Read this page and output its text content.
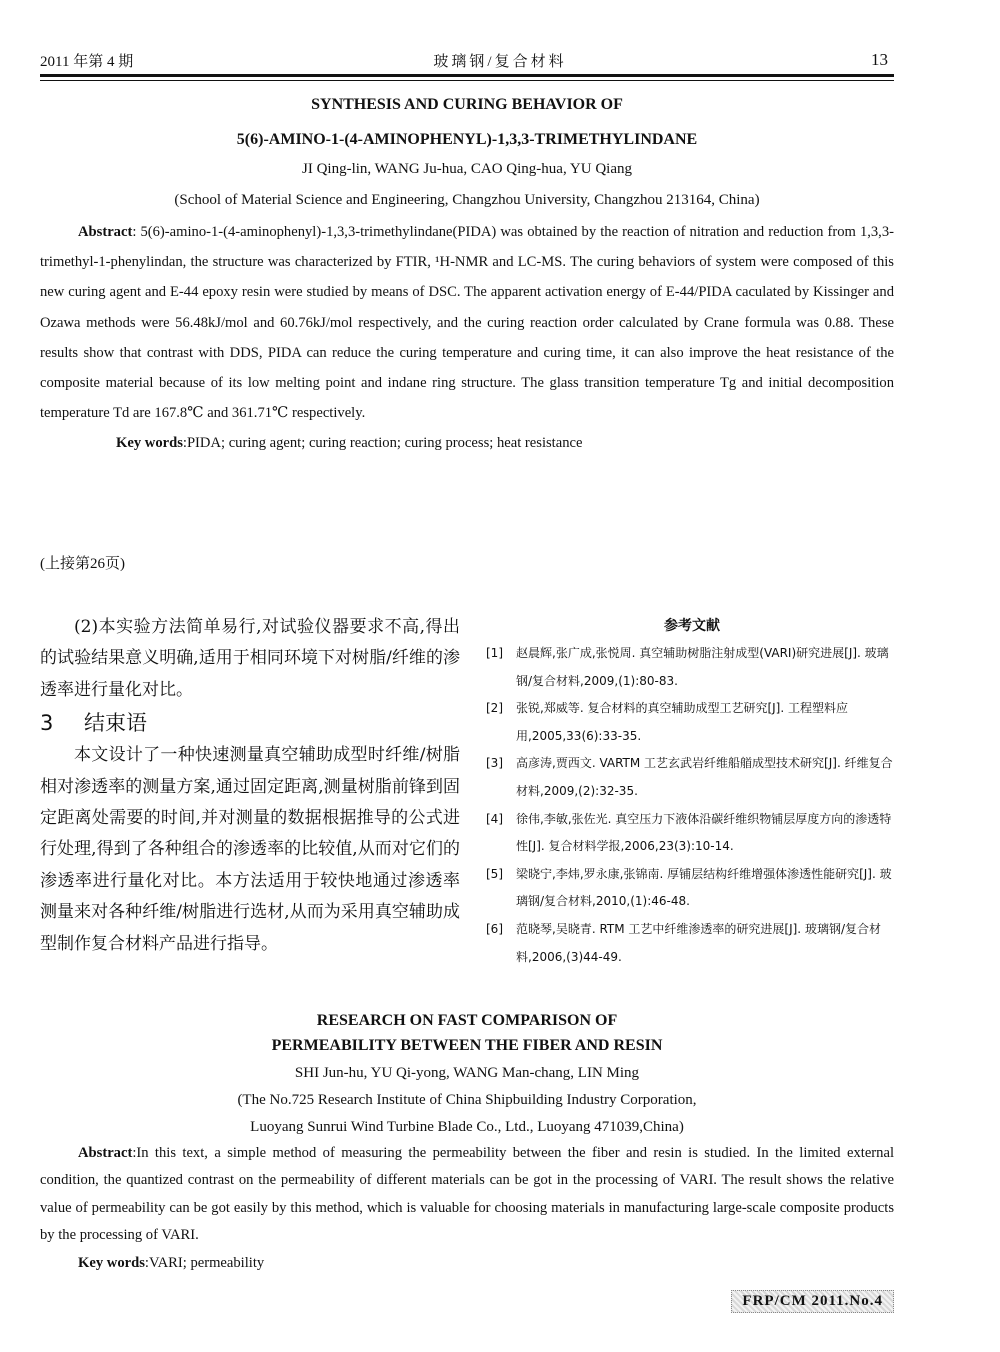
2011 年第 4 期	玻璃钢/复合材料	13
SYNTHESIS AND CURING BEHAVIOR OF
5(6)-AMINO-1-(4-AMINOPHENYL)-1,3,3-TRIMETHYLINDANE
JI Qing-lin, WANG Ju-hua, CAO Qing-hua, YU Qiang
(School of Material Science and Engineering, Changzhou University, Changzhou 213164, China)

Abstract: 5(6)-amino-1-(4-aminophenyl)-1,3,3-trimethylindane(PIDA) was obtained by the reaction of nitration and reduction from 1,3,3-trimethyl-1-phenylindan, the structure was characterized by FTIR, ¹H-NMR and LC-MS. The curing behaviors of system were composed of this new curing agent and E-44 epoxy resin were studied by means of DSC. The apparent activation energy of E-44/PIDA caculated by Kissinger and Ozawa methods were 56.48kJ/mol and 60.76kJ/mol respectively, and the curing reaction order calculated by Crane formula was 0.88. These results show that contrast with DDS, PIDA can reduce the curing temperature and curing time, it can also improve the heat resistance of the composite material because of its low melting point and indane ring structure. The glass transition temperature Tg and initial decomposition temperature Td are 167.8℃ and 361.71℃ respectively.

Key words:PIDA; curing agent; curing reaction; curing process; heat resistance

(上接第26页)

(2)本实验方法简单易行,对试验仪器要求不高,得出的试验结果意义明确,适用于相同环境下对树脂/纤维的渗透率进行量化对比。

3 结束语

本文设计了一种快速测量真空辅助成型时纤维/树脂相对渗透率的测量方案,通过固定距离,测量树脂前锋到固定距离处需要的时间,并对测量的数据根据推导的公式进行处理,得到了各种组合的渗透率的比较值,从而对它们的渗透率进行量化对比。本方法适用于较快地通过渗透率测量来对各种纤维/树脂进行选材,从而为采用真空辅助成型制作复合材料产品进行指导。

参考文献
[1] 赵晨辉,张广成,张悦周. 真空辅助树脂注射成型(VARI)研究进展[J]. 玻璃钢/复合材料,2009,(1):80-83.
[2] 张锐,郑威等. 复合材料的真空辅助成型工艺研究[J]. 工程塑料应用,2005,33(6):33-35.
[3] 高彦涛,贾西文. VARTM 工艺玄武岩纤维船艏成型技术研究[J]. 纤维复合材料,2009,(2):32-35.
[4] 徐伟,李敏,张佐光. 真空压力下液体沿碳纤维织物铺层厚度方向的渗透特性[J]. 复合材料学报,2006,23(3):10-14.
[5] 梁晓宁,李炜,罗永康,张锦南. 厚铺层结构纤维增强体渗透性能研究[J]. 玻璃钢/复合材料,2010,(1):46-48.
[6] 范晓琴,吴晓青. RTM 工艺中纤维渗透率的研究进展[J]. 玻璃钢/复合材料,2006,(3)44-49.
RESEARCH ON FAST COMPARISON OF
PERMEABILITY BETWEEN THE FIBER AND RESIN
SHI Jun-hu, YU Qi-yong, WANG Man-chang, LIN Ming
(The No.725 Research Institute of China Shipbuilding Industry Corporation,
Luoyang Sunrui Wind Turbine Blade Co., Ltd., Luoyang 471039,China)

Abstract:In this text, a simple method of measuring the permeability between the fiber and resin is studied. In the limited external condition, the quantized contrast on the permeability of different materials can be got in the processing of VARI. The result shows the relative value of permeability can be got easily by this method, which is valuable for choosing materials in manufacturing large-scale composite products by the processing of VARI.

Key words:VARI; permeability

FRP/CM 2011.No.4
